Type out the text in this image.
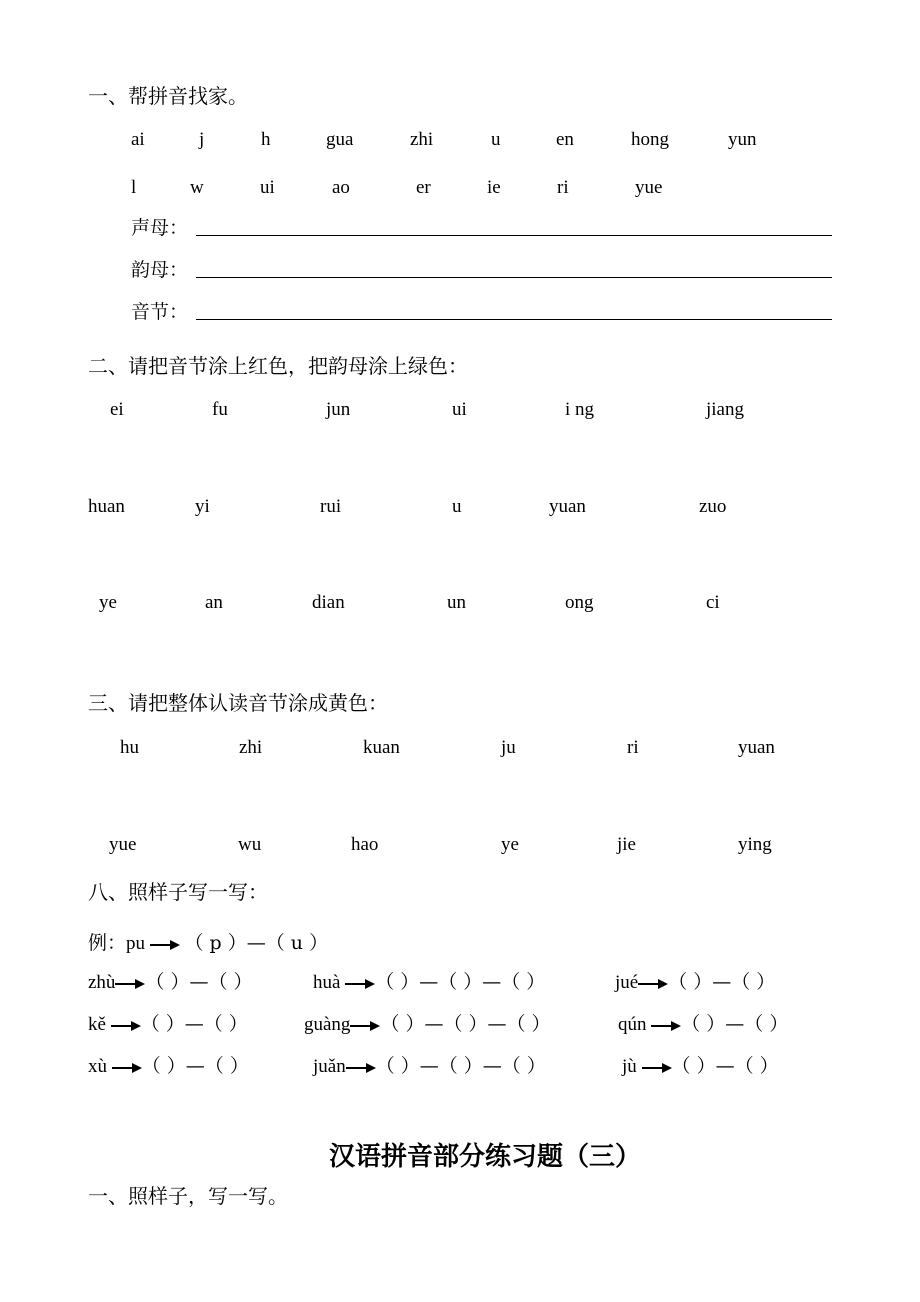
一、帮拼音找家。
ai	j	h	gua	zhi	u	en	hong	yun
l	w	ui	ao	er	ie	ri	yue
声母：
韵母：
音节：
二、请把音节涂上红色，把韵母涂上绿色：
ei	fu	jun	ui	i ng	jiang
huan	yi	rui	u	yuan	zuo
ye	an	dian	un	ong	ci
三、请把整体认读音节涂成黄色：
hu	zhi	kuan	ju	ri	yuan
yue	wu	hao	ye	jie	ying
八、照样子写一写：
例：pu （ p ）—（ u ）
zhù （ ）—（ ）	huà （ ）—（ ）—（ ）	jué （ ）—（ ）
kě （ ）—（ ）	guàng （ ）—（ ）—（ ）	qún （ ）—（ ）
xù （ ）—（ ）	juǎn （ ）—（ ）—（ ）	jù （ ）—（ ）
汉语拼音部分练习题（三）
一、照样子，写一写。
